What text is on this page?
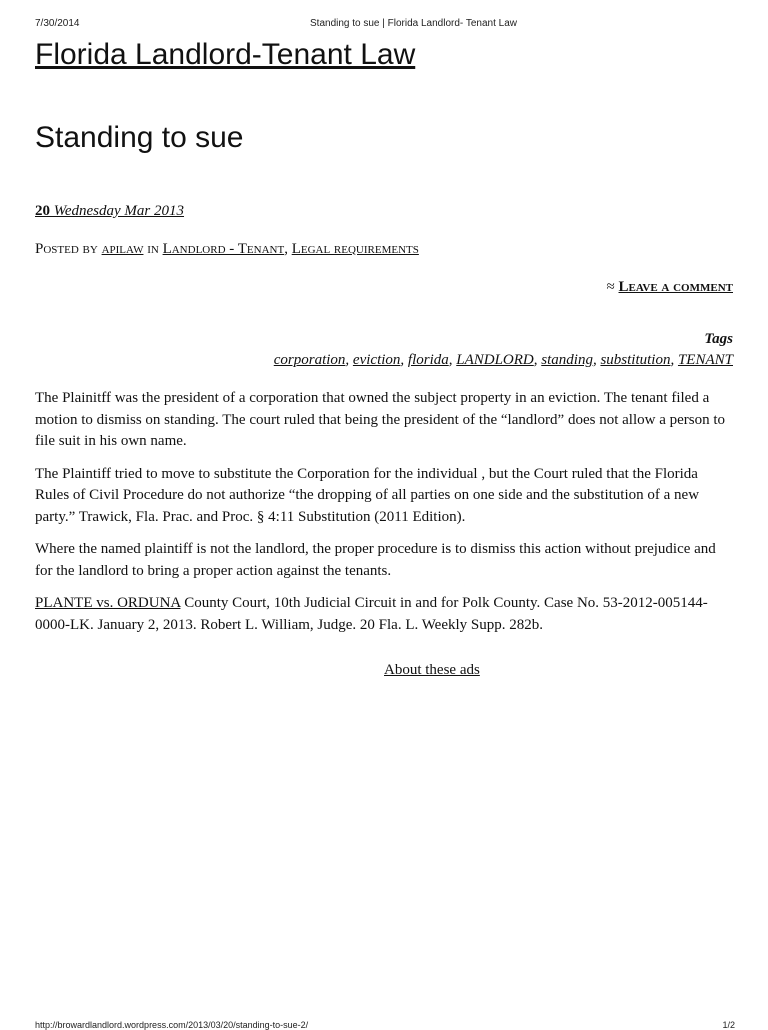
7/30/2014	Standing to sue | Florida Landlord- Tenant Law
Florida Landlord-Tenant Law
Standing to sue
20 Wednesday Mar 2013
Posted by apilaw in Landlord - Tenant, Legal requirements
≈ Leave a comment
Tags
corporation, eviction, florida, LANDLORD, standing, substitution, TENANT

The Plainitff was the president of a corporation that owned the subject property in an eviction. The tenant filed a motion to dismiss on standing. The court ruled that being the president of the “landlord” does not allow a person to file suit in his own name.

The Plaintiff tried to move to substitute the Corporation for the individual , but the Court ruled that the Florida Rules of Civil Procedure do not authorize “the dropping of all parties on one side and the substitution of a new party.” Trawick, Fla. Prac. and Proc. § 4:11 Substitution (2011 Edition).

Where the named plaintiff is not the landlord, the proper procedure is to dismiss this action without prejudice and for the landlord to bring a proper action against the tenants.

PLANTE vs. ORDUNA County Court, 10th Judicial Circuit in and for Polk County. Case No. 53-2012-005144-0000-LK. January 2, 2013. Robert L. William, Judge. 20 Fla. L. Weekly Supp. 282b.

About these ads
http://browardlandlord.wordpress.com/2013/03/20/standing-to-sue-2/	1/2
